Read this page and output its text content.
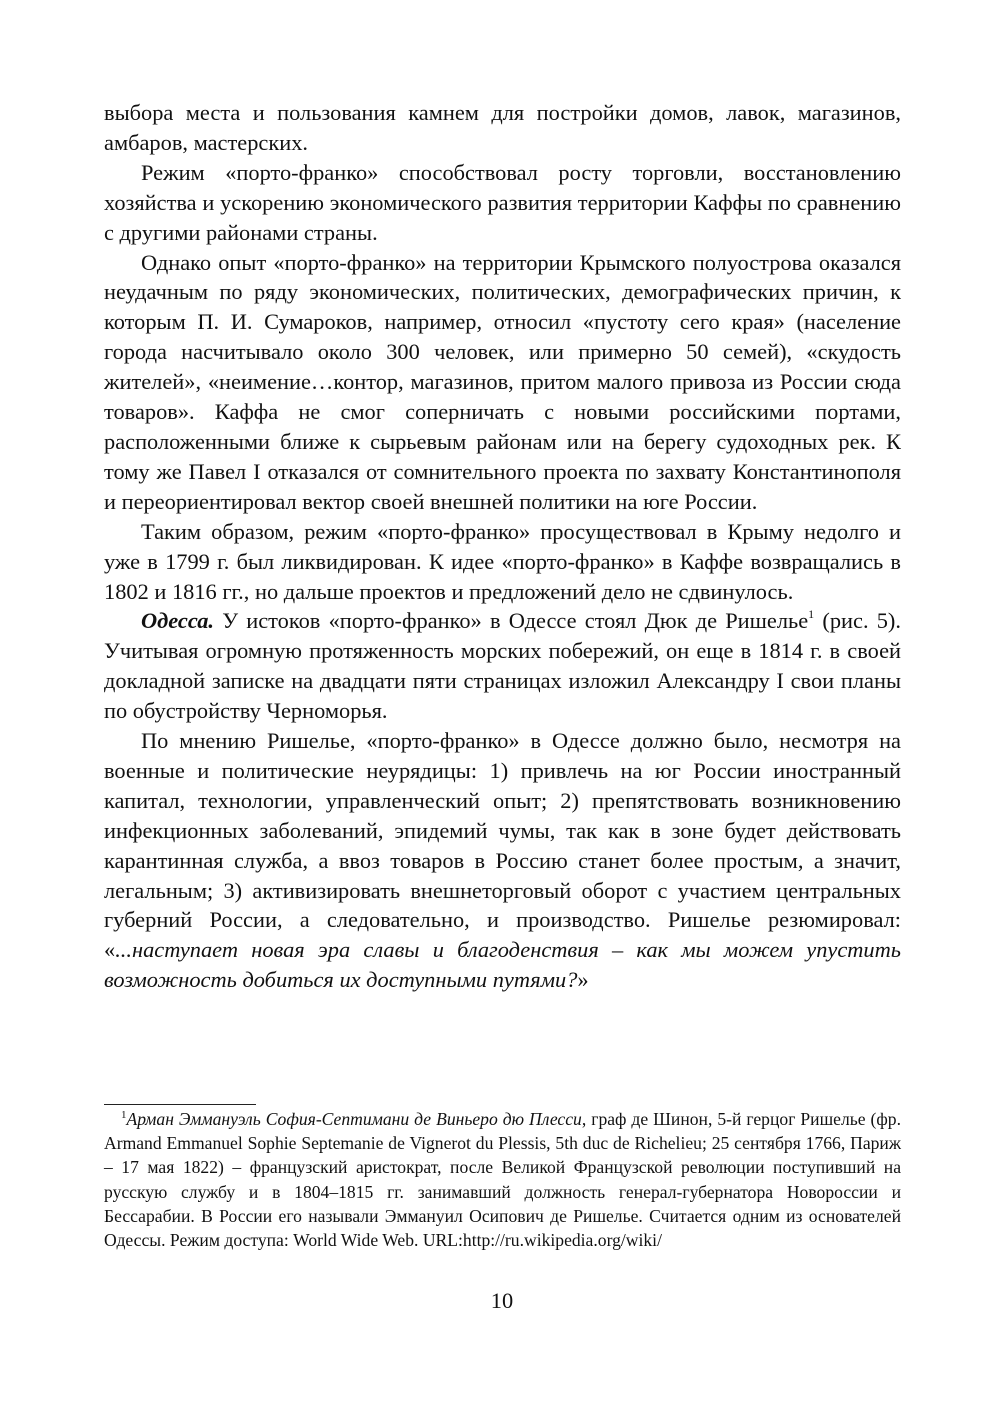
выбора места и пользования камнем для постройки домов, лавок, магазинов, амбаров, мастерских.

Режим «порто-франко» способствовал росту торговли, восстановлению хозяйства и ускорению экономического развития территории Каффы по сравнению с другими районами страны.

Однако опыт «порто-франко» на территории Крымского полуострова оказался неудачным по ряду экономических, политических, демографических причин, к которым П. И. Сумароков, например, относил «пустоту сего края» (население города насчитывало около 300 человек, или примерно 50 семей), «скудость жителей», «неимение…контор, магазинов, притом малого привоза из России сюда товаров». Каффа не смог соперничать с новыми российскими портами, расположенными ближе к сырьевым районам или на берегу судоходных рек. К тому же Павел I отказался от сомнительного проекта по захвату Константинополя и переориентировал вектор своей внешней политики на юге России.

Таким образом, режим «порто-франко» просуществовал в Крыму недолго и уже в 1799 г. был ликвидирован. К идее «порто-франко» в Каффе возвращались в 1802 и 1816 гг., но дальше проектов и предложений дело не сдвинулось.

Одесса. У истоков «порто-франко» в Одессе стоял Дюк де Ришелье$^1$ (рис. 5). Учитывая огромную протяженность морских побережий, он еще в 1814 г. в своей докладной записке на двадцати пяти страницах изложил Александру I свои планы по обустройству Черноморья.

По мнению Ришелье, «порто-франко» в Одессе должно было, несмотря на военные и политические неурядицы: 1) привлечь на юг России иностранный капитал, технологии, управленческий опыт; 2) препятствовать возникновению инфекционных заболеваний, эпидемий чумы, так как в зоне будет действовать карантинная служба, а ввоз товаров в Россию станет более простым, а значит, легальным; 3) активизировать внешнеторговый оборот с участием центральных губерний России, а следовательно, и производство. Ришелье резюмировал: «...наступает новая эра славы и благоденствия – как мы можем упустить возможность добиться их доступными путями?»

$^1$Арман Эммануэль София-Септимани де Виньеро дю Плесси, граф де Шинон, 5-й герцог Ришелье (фр. Armand Emmanuel Sophie Septemanie de Vignerot du Plessis, 5th duc de Richelieu; 25 сентября 1766, Париж – 17 мая 1822) – французский аристократ, после Великой Французской революции поступивший на русскую службу и в 1804–1815 гг. занимавший должность генерал-губернатора Новороссии и Бессарабии. В России его называли Эммануил Осипович де Ришелье. Считается одним из основателей Одессы. Режим доступа: World Wide Web. URL:http://ru.wikipedia.org/wiki/

10
